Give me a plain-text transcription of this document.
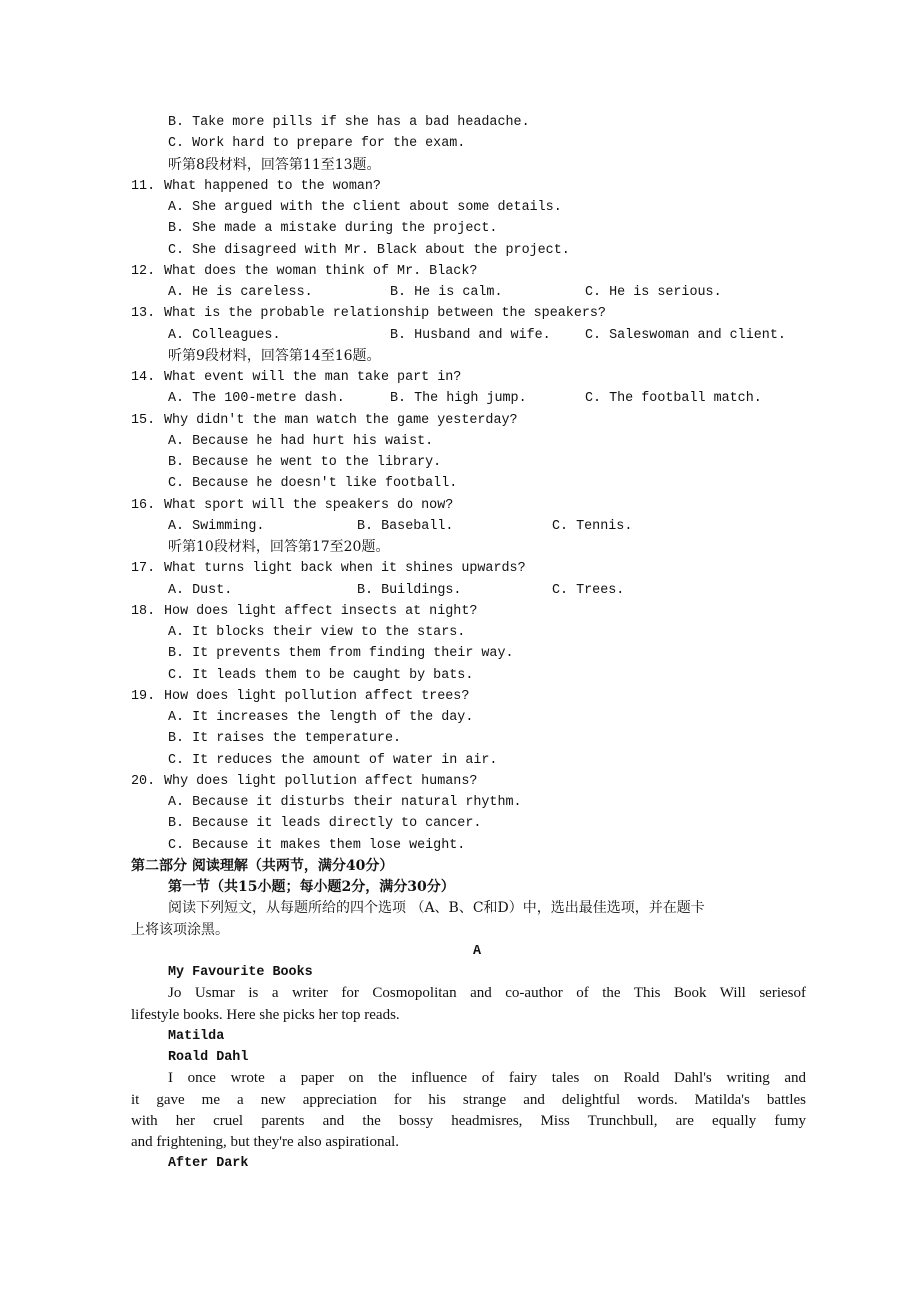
B. Take more pills if she has a bad headache.
C. Work hard to prepare for the exam.
听第8段材料，回答第11至13题。
11. What happened to the woman?
A. She argued with the client about some details.
B. She made a mistake during the project.
C. She disagreed with Mr. Black about the project.
12. What does the woman think of Mr. Black?
A. He is careless.	B. He is calm.	C. He is serious.
13. What is the probable relationship between the speakers?
A. Colleagues.	B. Husband and wife.	C. Saleswoman and client.
听第9段材料，回答第14至16题。
14. What event will the man take part in?
A. The 100-metre dash.	B. The high jump.	C. The football match.
15. Why didn't the man watch the game yesterday?
A. Because he had hurt his waist.
B. Because he went to the library.
C. Because he doesn't like football.
16. What sport will the speakers do now?
A. Swimming.	B. Baseball.	C. Tennis.
听第10段材料，回答第17至20题。
17. What turns light back when it shines upwards?
A. Dust.	B. Buildings.	C. Trees.
18. How does light affect insects at night?
A. It blocks their view to the stars.
B. It prevents them from finding their way.
C. It leads them to be caught by bats.
19. How does light pollution affect trees?
A. It increases the length of the day.
B. It raises the temperature.
C. It reduces the amount of water in air.
20. Why does light pollution affect humans?
A. Because it disturbs their natural rhythm.
B. Because it leads directly to cancer.
C. Because it makes them lose weight.
第二部分 阅读理解（共两节，满分40分）
第一节（共15小题；每小题2分，满分30分）
阅读下列短文，从每题所给的四个选项 （A、B、C和D）中，选出最佳选项，并在题卡
上将该项涂黑。
A
My Favourite Books
Jo Usmar is a writer for Cosmopolitan and co-author of the This Book Will seriesof
lifestyle books. Here she picks her top reads.
Matilda
Roald Dahl
I once wrote a paper on the influence of fairy tales on Roald Dahl's writing and
it gave me a new appreciation for his strange and delightful words. Matilda's battles
with her cruel parents and the bossy headmisres, Miss Trunchbull, are equally fumy
and frightening, but they're also aspirational.
After Dark
